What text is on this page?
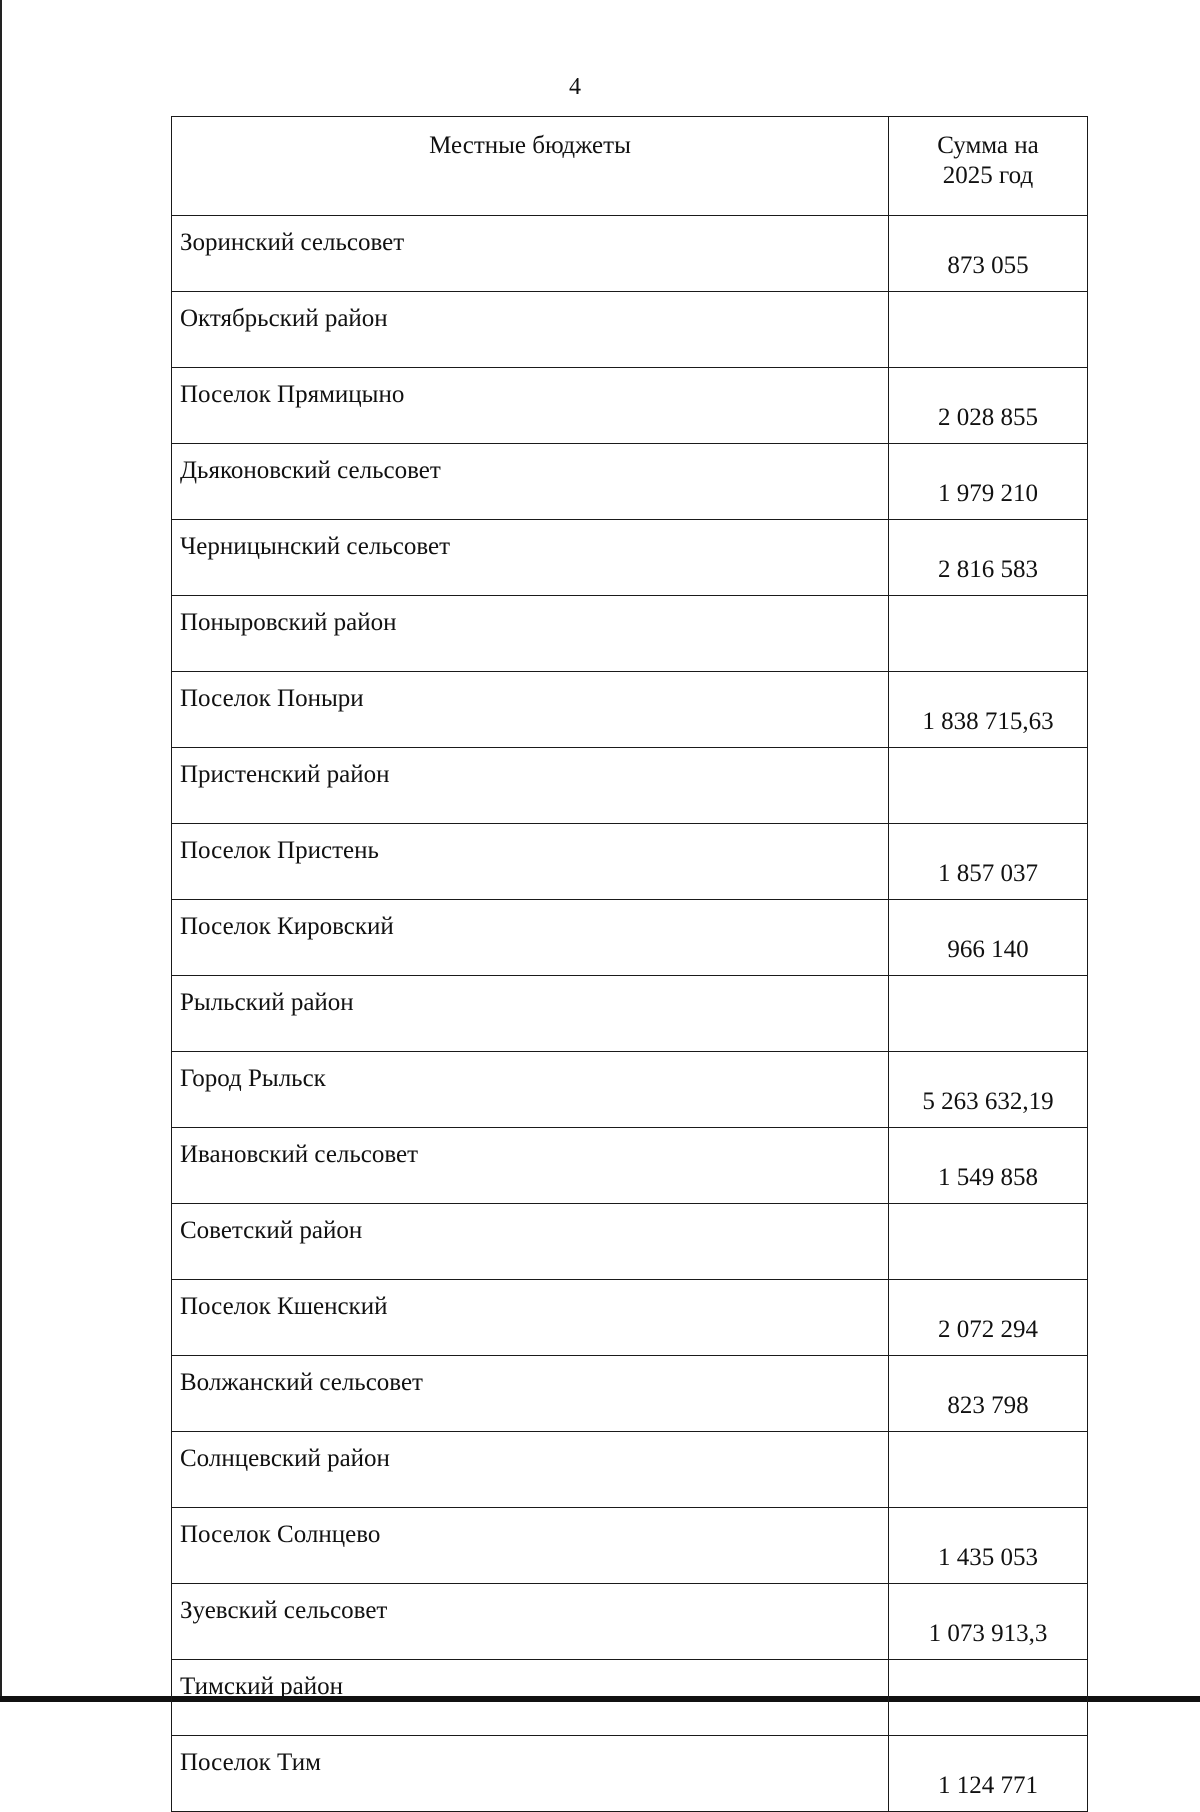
4
Местные бюджеты	Сумма на
2025 год
Зоринский сельсовет	873 055
Октябрьский район	
Поселок Прямицыно	2 028 855
Дьяконовский сельсовет	1 979 210
Черницынский сельсовет	2 816 583
Поныровский район	
Поселок Поныри	1 838 715,63
Пристенский район	
Поселок Пристень	1 857 037
Поселок Кировский	966 140
Рыльский район	
Город Рыльск	5 263 632,19
Ивановский сельсовет	1 549 858
Советский район	
Поселок Кшенский	2 072 294
Волжанский сельсовет	823 798
Солнцевский район	
Поселок Солнцево	1 435 053
Зуевский сельсовет	1 073 913,3
Тимский район	
Поселок Тим	1 124 771
